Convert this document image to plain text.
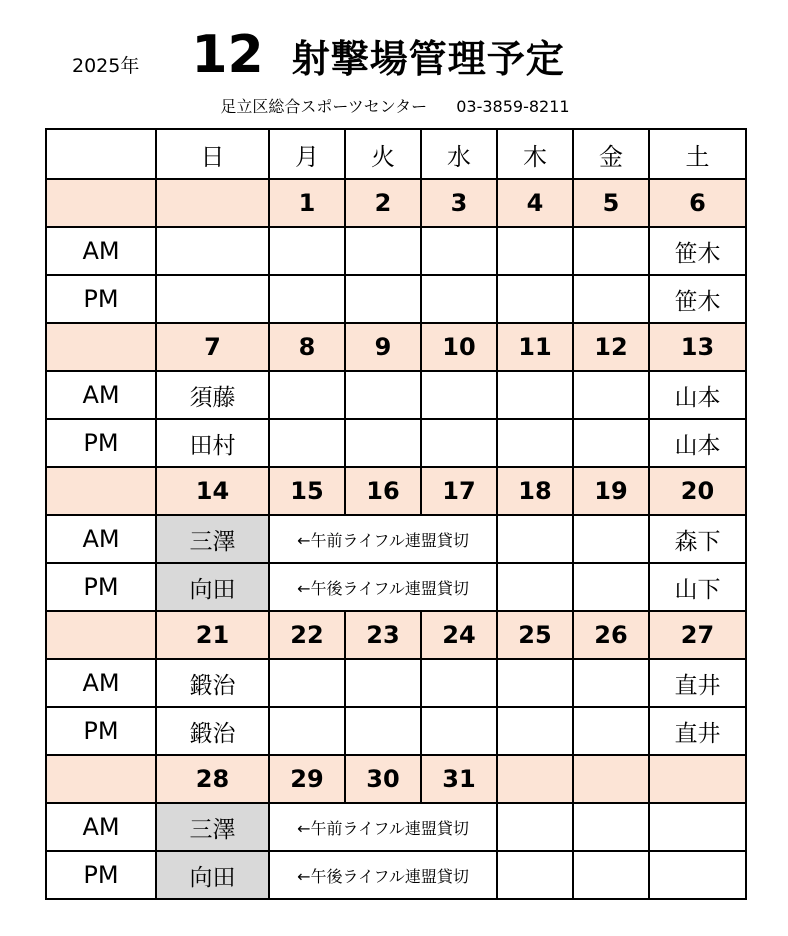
2025年 12 射撃場管理予定
足立区総合スポーツセンター 03-3859-8211
	日	月	火	水	木	金	土
		1	2	3	4	5	6
AM							笹木
PM							笹木
	7	8	9	10	11	12	13
AM	須藤						山本
PM	田村						山本
	14	15	16	17	18	19	20
AM	三澤	←午前ライフル連盟貸切					森下
PM	向田	←午後ライフル連盟貸切					山下
	21	22	23	24	25	26	27
AM	鍛治						直井
PM	鍛治						直井
	28	29	30	31			
AM	三澤	←午前ライフル連盟貸切					
PM	向田	←午後ライフル連盟貸切					
